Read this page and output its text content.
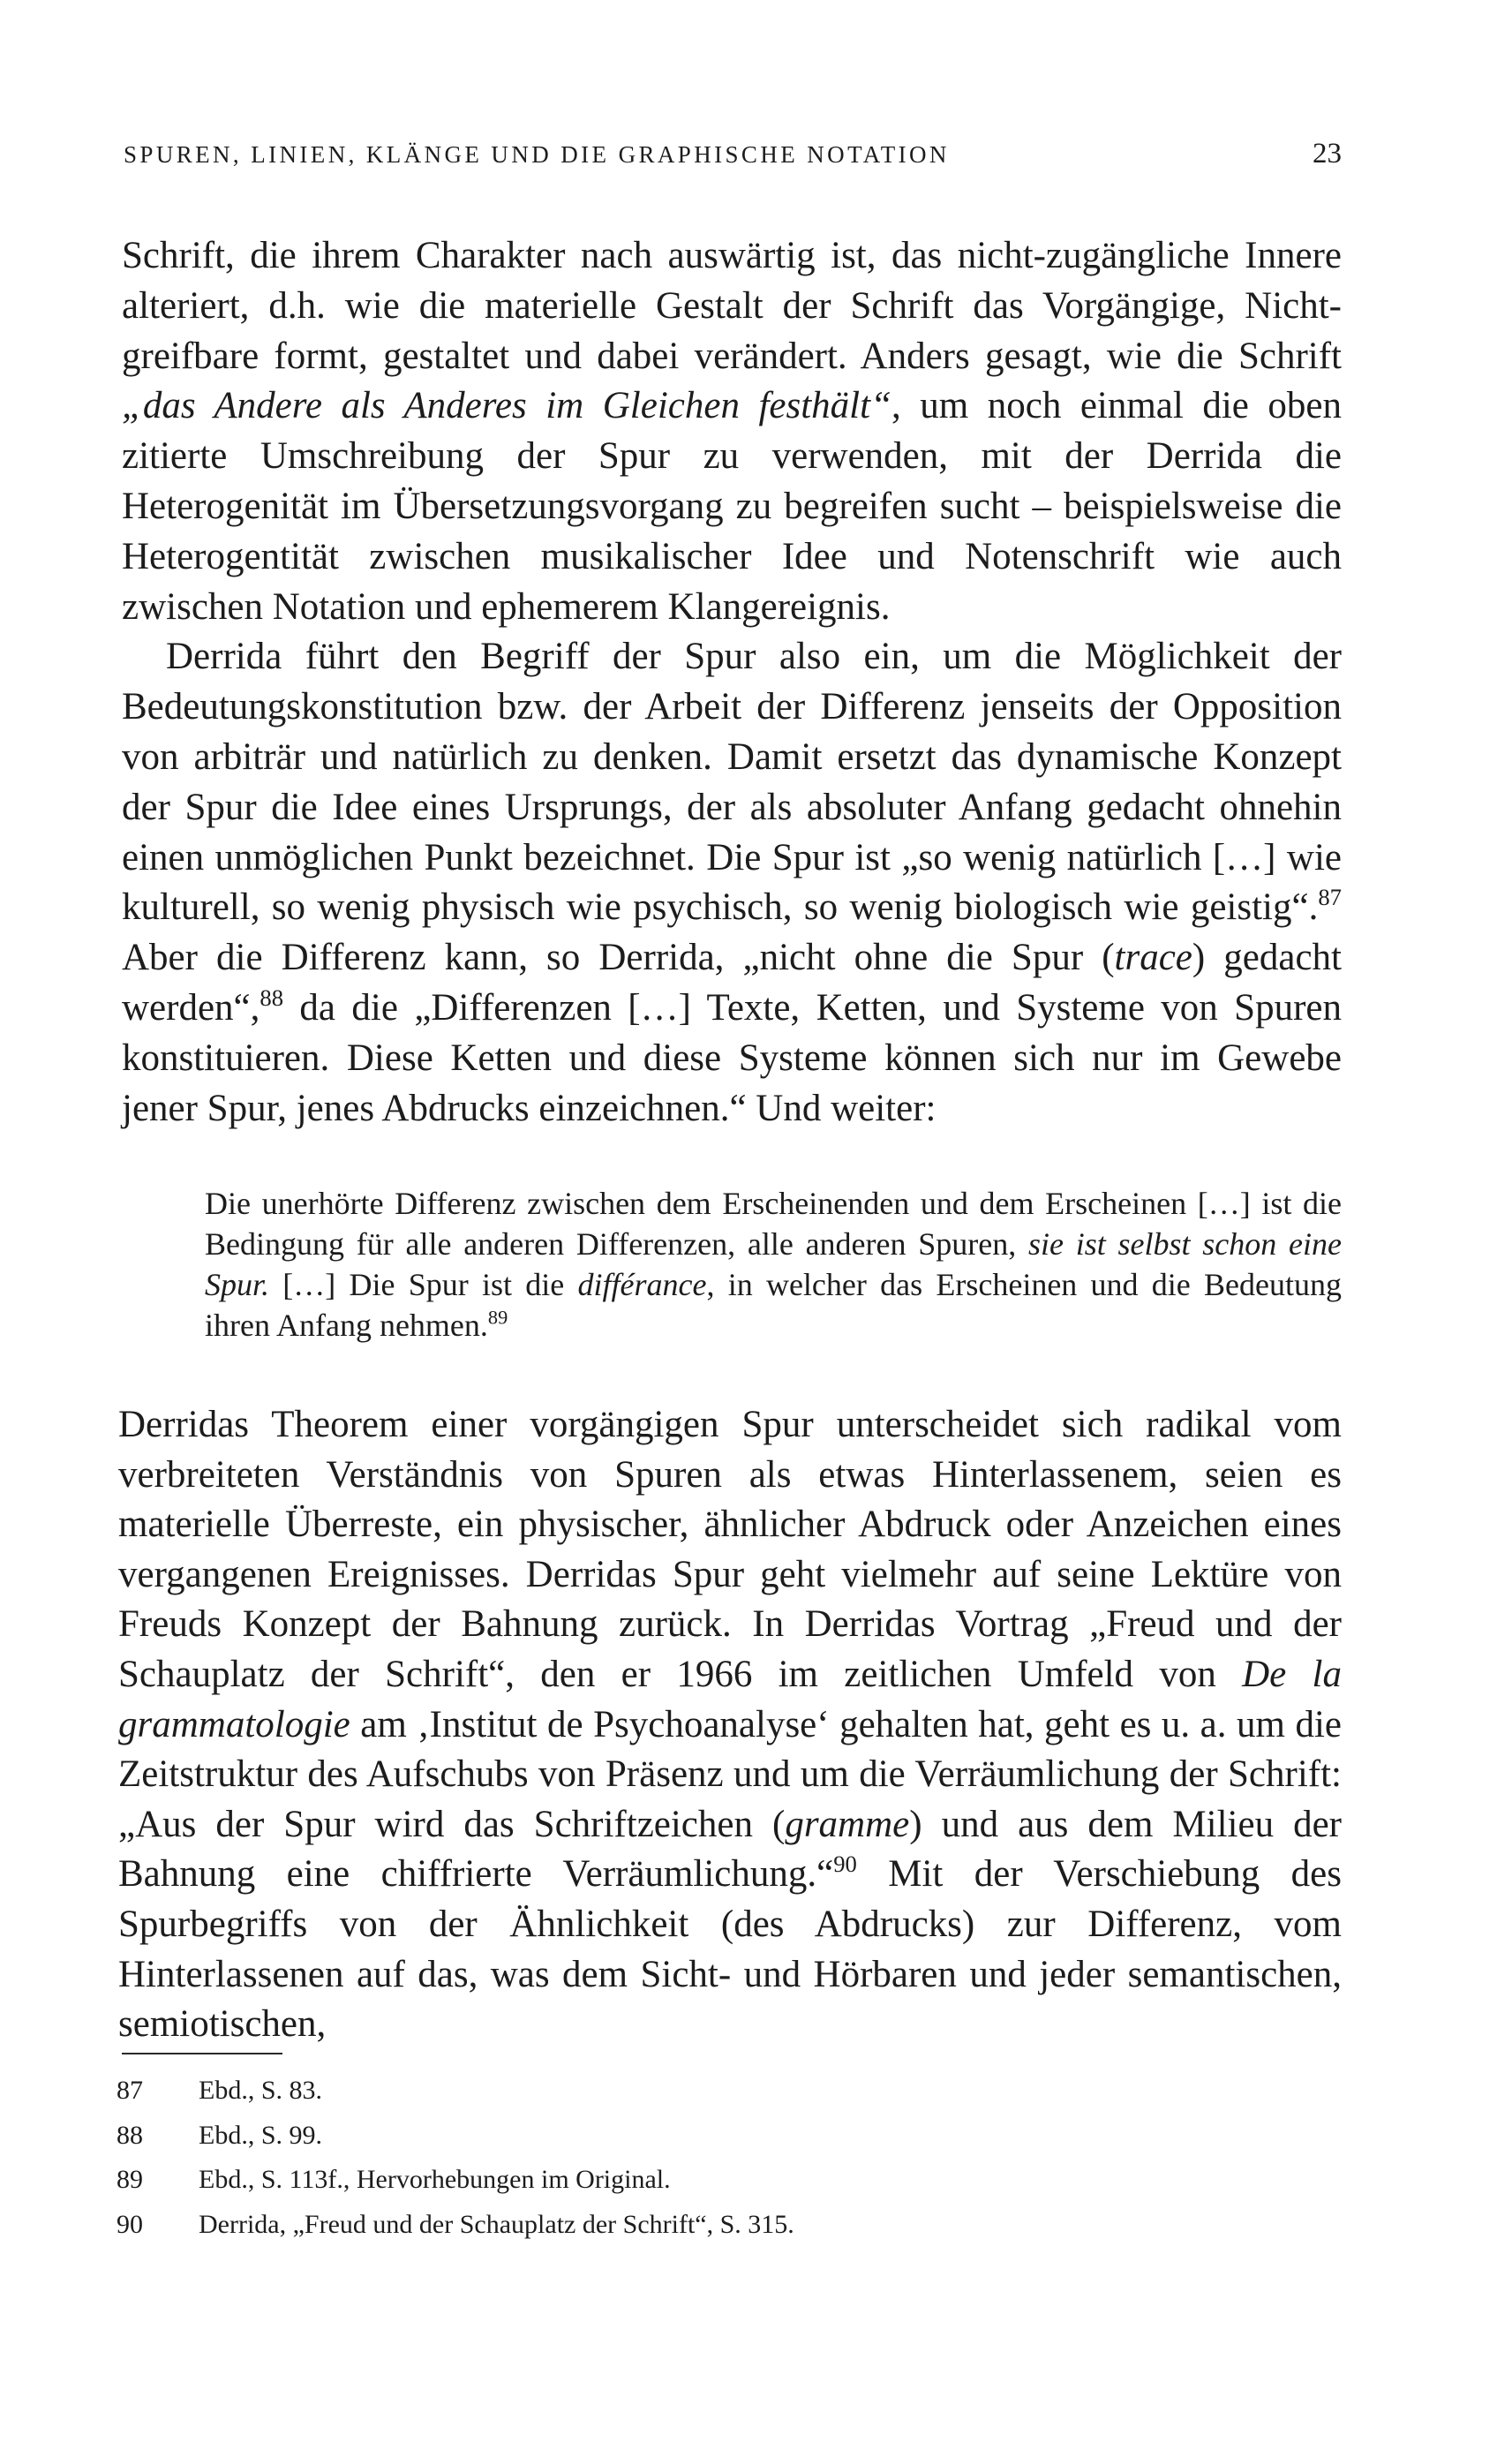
SPUREN, LINIEN, KLÄNGE UND DIE GRAPHISCHE NOTATION	23

Schrift, die ihrem Charakter nach auswärtig ist, das nicht-zugängliche Innere alteriert, d.h. wie die materielle Gestalt der Schrift das Vorgängige, Nicht-greifbare formt, gestaltet und dabei verändert. Anders gesagt, wie die Schrift „das Andere als Anderes im Gleichen festhält“, um noch einmal die oben zitierte Umschreibung der Spur zu verwenden, mit der Derrida die Heterogenität im Übersetzungsvorgang zu begreifen sucht – beispielsweise die Heterogentität zwischen musikalischer Idee und Notenschrift wie auch zwischen Notation und ephemerem Klangereignis.

Derrida führt den Begriff der Spur also ein, um die Möglichkeit der Bedeutungskonstitution bzw. der Arbeit der Differenz jenseits der Opposition von arbiträr und natürlich zu denken. Damit ersetzt das dynamische Konzept der Spur die Idee eines Ursprungs, der als absoluter Anfang gedacht ohnehin einen unmöglichen Punkt bezeichnet. Die Spur ist „so wenig natürlich […] wie kulturell, so wenig physisch wie psychisch, so wenig biologisch wie geistig“.$^{87}$ Aber die Differenz kann, so Derrida, „nicht ohne die Spur (trace) gedacht werden“,$^{88}$ da die „Differenzen […] Texte, Ketten, und Systeme von Spuren konstituieren. Diese Ketten und diese Systeme können sich nur im Gewebe jener Spur, jenes Abdrucks einzeichnen.“ Und weiter:

Die unerhörte Differenz zwischen dem Erscheinenden und dem Erscheinen […] ist die Bedingung für alle anderen Differenzen, alle anderen Spuren, sie ist selbst schon eine Spur. […] Die Spur ist die différance, in welcher das Erscheinen und die Bedeutung ihren Anfang nehmen.$^{89}$

Derridas Theorem einer vorgängigen Spur unterscheidet sich radikal vom verbreiteten Verständnis von Spuren als etwas Hinterlassenem, seien es materielle Überreste, ein physischer, ähnlicher Abdruck oder Anzeichen eines vergangenen Ereignisses. Derridas Spur geht vielmehr auf seine Lektüre von Freuds Konzept der Bahnung zurück. In Derridas Vortrag „Freud und der Schauplatz der Schrift“, den er 1966 im zeitlichen Umfeld von De la grammatologie am ‚Institut de Psychoanalyse‘ gehalten hat, geht es u. a. um die Zeitstruktur des Aufschubs von Präsenz und um die Verräumlichung der Schrift: „Aus der Spur wird das Schriftzeichen (gramme) und aus dem Milieu der Bahnung eine chiffrierte Verräumlichung.“$^{90}$ Mit der Verschiebung des Spurbegriffs von der Ähnlichkeit (des Abdrucks) zur Differenz, vom Hinterlassenen auf das, was dem Sicht- und Hörbaren und jeder semantischen, semiotischen,

87	Ebd., S. 83.
88	Ebd., S. 99.
89	Ebd., S. 113f., Hervorhebungen im Original.
90	Derrida, „Freud und der Schauplatz der Schrift“, S. 315.
